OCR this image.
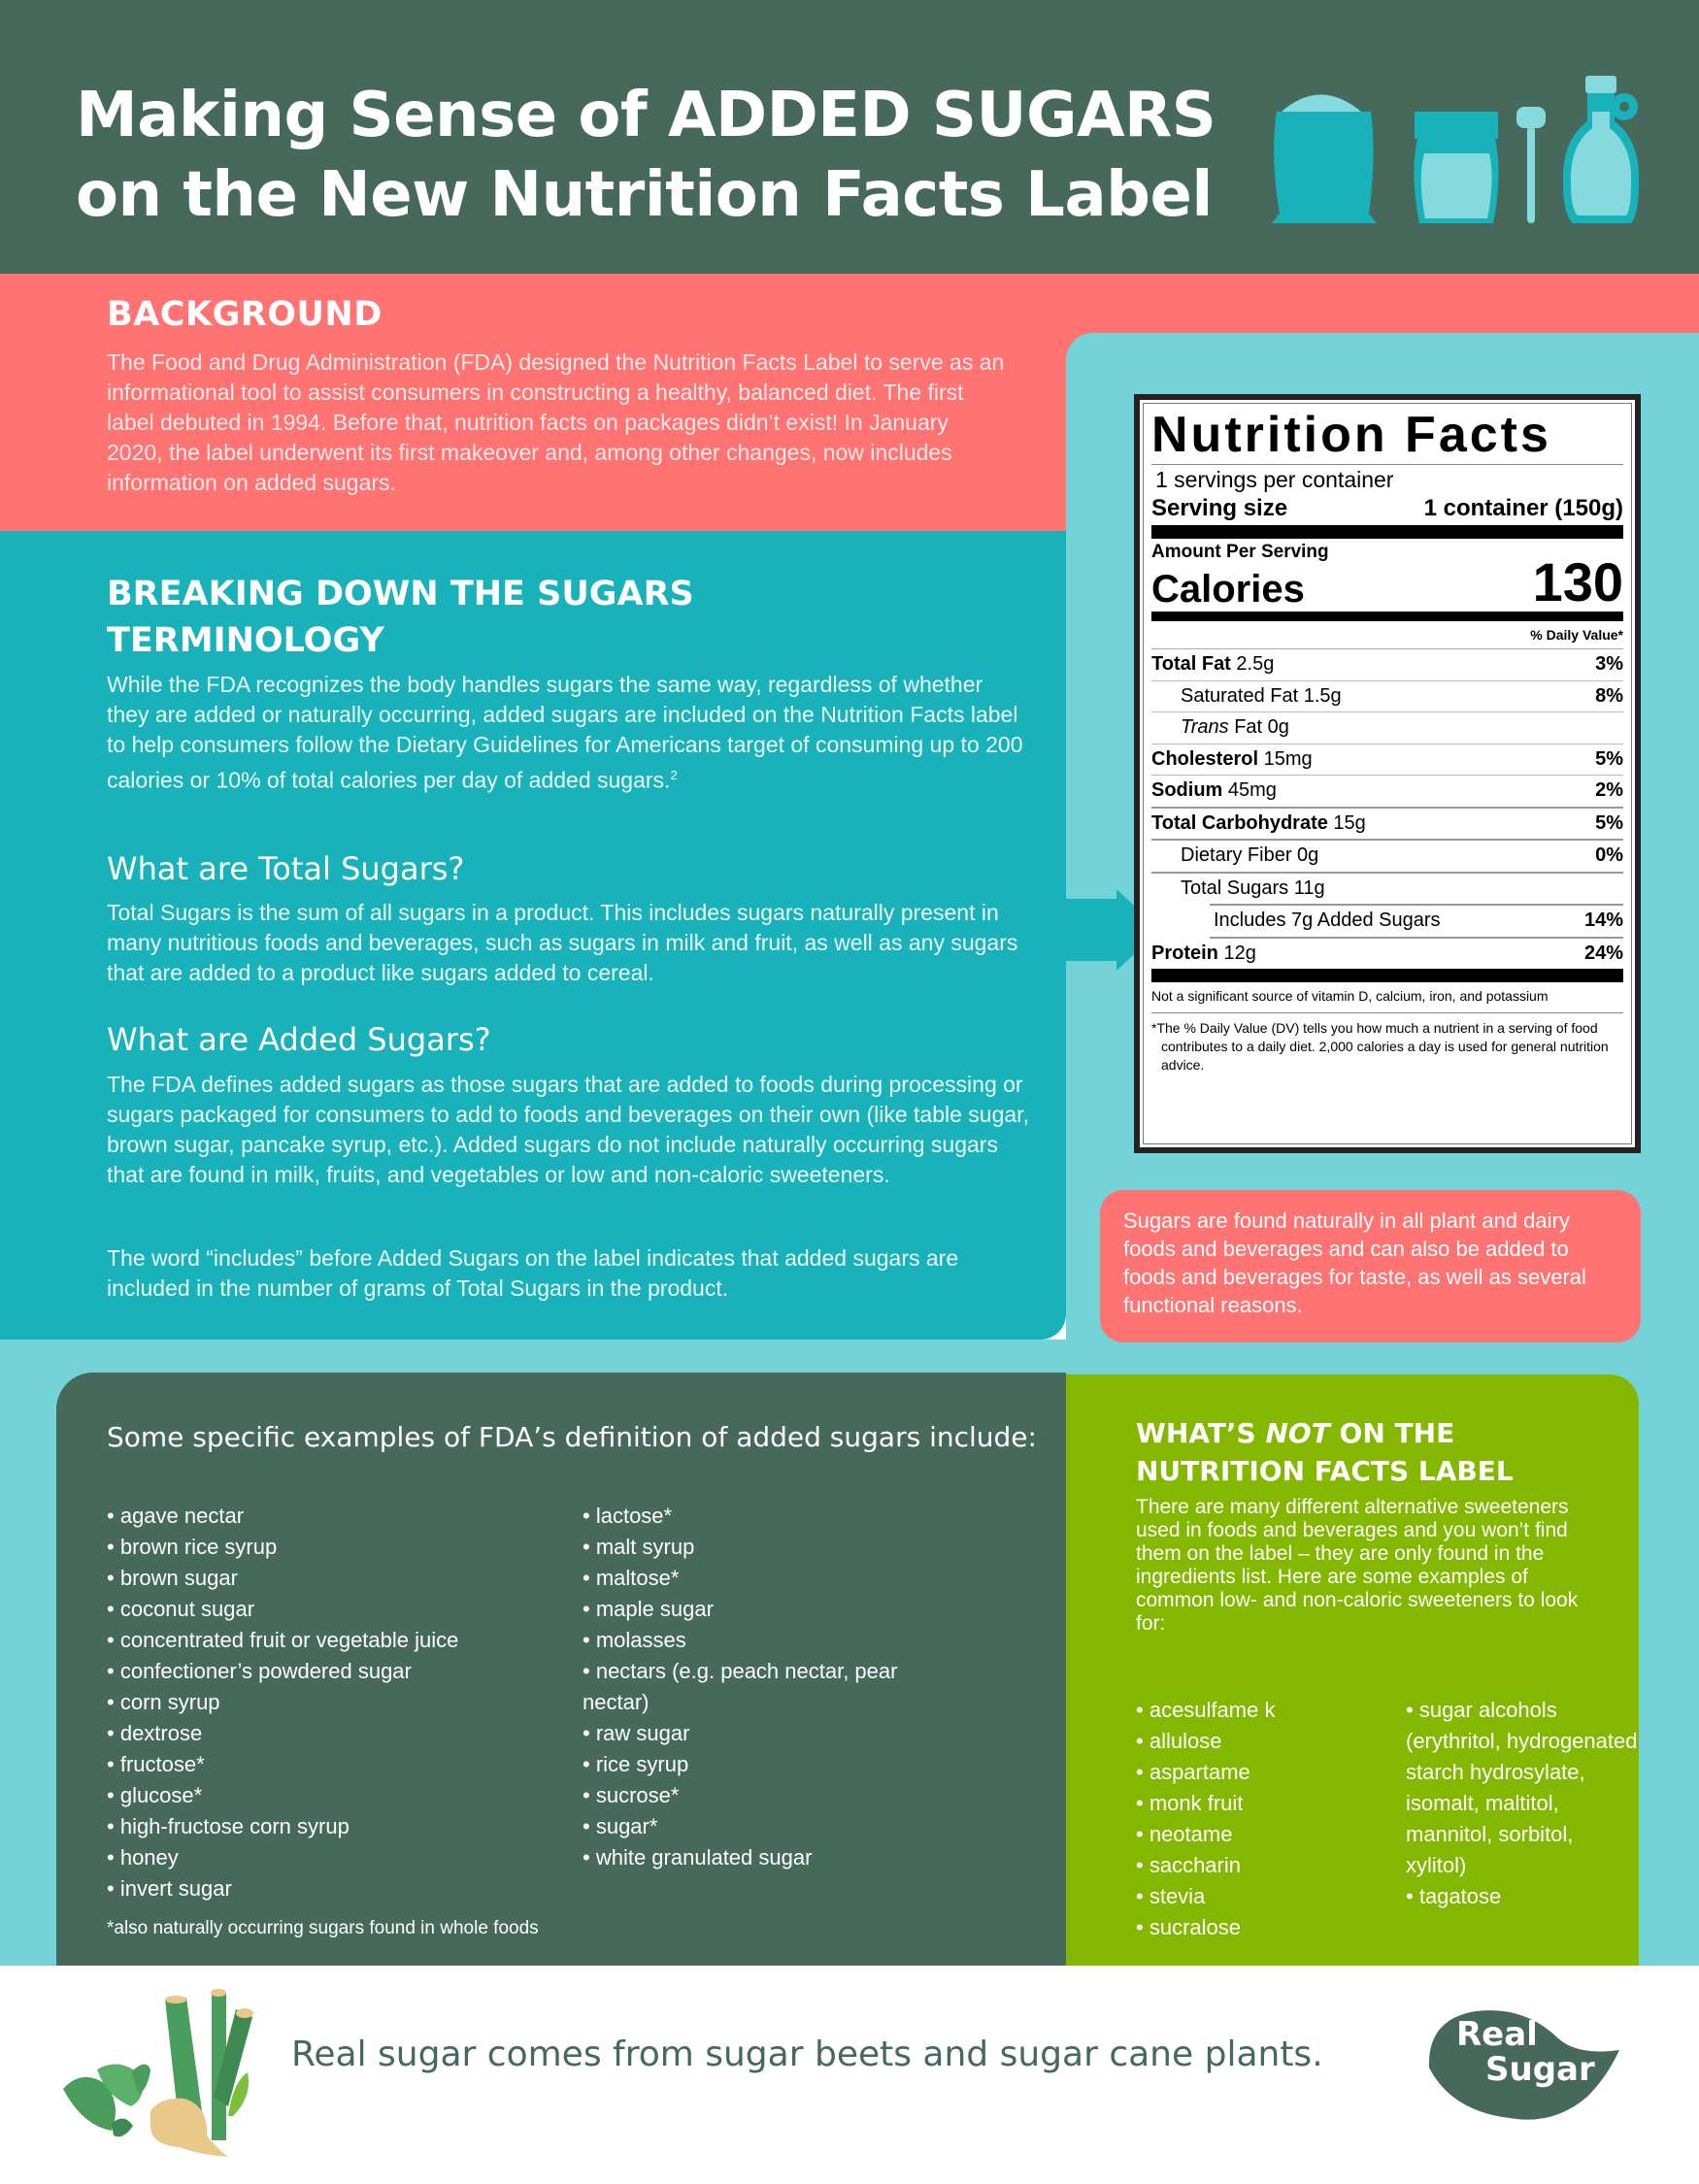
Making Sense of ADDED SUGARS
on the New Nutrition Facts Label
BACKGROUND
The Food and Drug Administration (FDA) designed the Nutrition Facts Label to serve as an informational tool to assist consumers in constructing a healthy, balanced diet. The first label debuted in 1994. Before that, nutrition facts on packages didn’t exist! In January 2020, the label underwent its first makeover and, among other changes, now includes information on added sugars.
BREAKING DOWN THE SUGARS
TERMINOLOGY
While the FDA recognizes the body handles sugars the same way, regardless of whether they are added or naturally occurring, added sugars are included on the Nutrition Facts label to help consumers follow the Dietary Guidelines for Americans target of consuming up to 200 calories or 10% of total calories per day of added sugars.$^2$
What are Total Sugars?
Total Sugars is the sum of all sugars in a product. This includes sugars naturally present in many nutritious foods and beverages, such as sugars in milk and fruit, as well as any sugars that are added to a product like sugars added to cereal.
What are Added Sugars?
The FDA defines added sugars as those sugars that are added to foods during processing or sugars packaged for consumers to add to foods and beverages on their own (like table sugar, brown sugar, pancake syrup, etc.). Added sugars do not include naturally occurring sugars that are found in milk, fruits, and vegetables or low and non-caloric sweeteners.
The word “includes” before Added Sugars on the label indicates that added sugars are included in the number of grams of Total Sugars in the product.
Nutrition Facts
1 servings per container
Serving size	1 container (150g)
Amount Per Serving
Calories	130
% Daily Value*
Total Fat 2.5g	3%
Saturated Fat 1.5g	8%
Trans Fat 0g
Cholesterol 15mg	5%
Sodium 45mg	2%
Total Carbohydrate 15g	5%
Dietary Fiber 0g	0%
Total Sugars 11g
Includes 7g Added Sugars	14%
Protein 12g	24%
Not a significant source of vitamin D, calcium, iron, and potassium
*The % Daily Value (DV) tells you how much a nutrient in a serving of food contributes to a daily diet. 2,000 calories a day is used for general nutrition advice.
Sugars are found naturally in all plant and dairy foods and beverages and can also be added to foods and beverages for taste, as well as several functional reasons.
Some specific examples of FDA’s definition of added sugars include:
• agave nectar
• brown rice syrup
• brown sugar
• coconut sugar
• concentrated fruit or vegetable juice
• confectioner’s powdered sugar
• corn syrup
• dextrose
• fructose*
• glucose*
• high-fructose corn syrup
• honey
• invert sugar
• lactose*
• malt syrup
• maltose*
• maple sugar
• molasses
• nectars (e.g. peach nectar, pear nectar)
• raw sugar
• rice syrup
• sucrose*
• sugar*
• white granulated sugar
*also naturally occurring sugars found in whole foods
WHAT’S NOT ON THE NUTRITION FACTS LABEL
There are many different alternative sweeteners used in foods and beverages and you won’t find them on the label – they are only found in the ingredients list. Here are some examples of common low- and non-caloric sweeteners to look for:
• acesulfame k
• allulose
• aspartame
• monk fruit
• neotame
• saccharin
• stevia
• sucralose
• sugar alcohols (erythritol, hydrogenated starch hydrosylate, isomalt, maltitol, mannitol, sorbitol, xylitol)
• tagatose
Real sugar comes from sugar beets and sugar cane plants.	Real
Sugar
TM
